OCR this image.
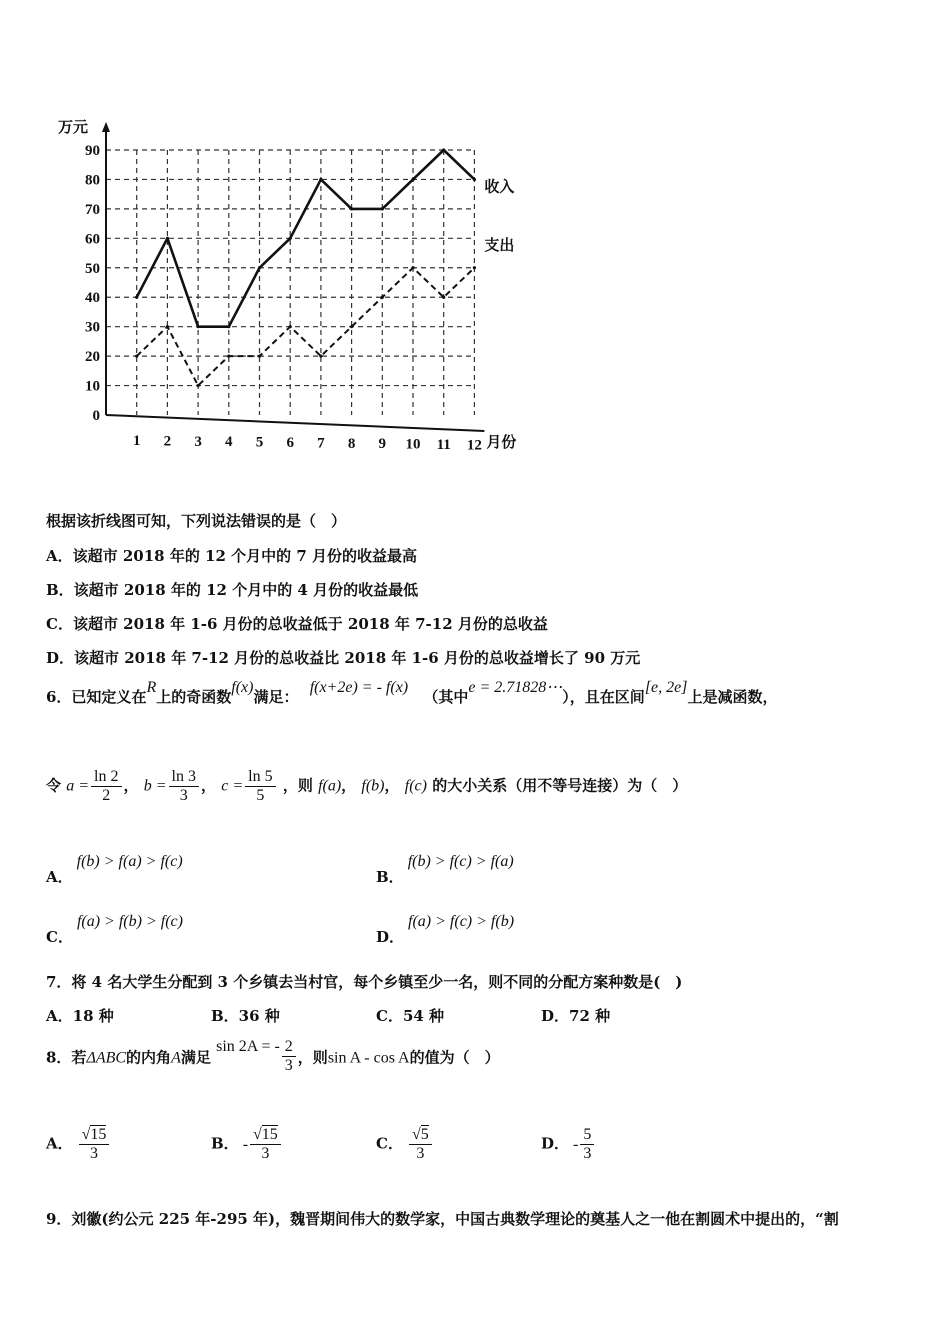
0
10
20
30
40
50
60
70
80
90
1 2 3 4 5 6 7 8 9 10 11 12
万元
月份
收入
支出
根据该折线图可知，下列说法错误的是（　）
A．该超市 2018 年的 12 个月中的 7 月份的收益最高
B．该超市 2018 年的 12 个月中的 4 月份的收益最低
C．该超市 2018 年 1-6 月份的总收益低于 2018 年 7-12 月份的总收益
D．该超市 2018 年 7-12 月份的总收益比 2018 年 1-6 月份的总收益增长了 90 万元
6．已知定义在R上的奇函数f(x)满足： f(x+2e) = - f(x) （其中e = 2.71828⋯），且在区间[e, 2e]上是减函数，
令 $a = \frac{\ln 2}{2}$ ， $b = \frac{\ln 3}{3}$ ， $c = \frac{\ln 5}{5}$ ，则 f(a)， f(b)， f(c) 的大小关系（用不等号连接）为（　）
A．f(b) > f(a) > f(c)
B．f(b) > f(c) > f(a)
C．f(a) > f(b) > f(c)
D．f(a) > f(c) > f(b)
7．将 4 名大学生分配到 3 个乡镇去当村官，每个乡镇至少一名，则不同的分配方案种数是(　)
A．18 种	B．36 种	C．54 种	D．72 种
8．若ΔABC的内角A满足 sin 2A = - $\frac{2}{3}$ ，则sin A - cos A的值为（　）
A． $\frac{√15}{3}$	B． - $\frac{√15}{3}$	C． $\frac{√5}{3}$	D． - $\frac{5}{3}$
9．刘徽(约公元 225 年-295 年)，魏晋期间伟大的数学家，中国古典数学理论的奠基人之一他在割圆术中提出的，“割
